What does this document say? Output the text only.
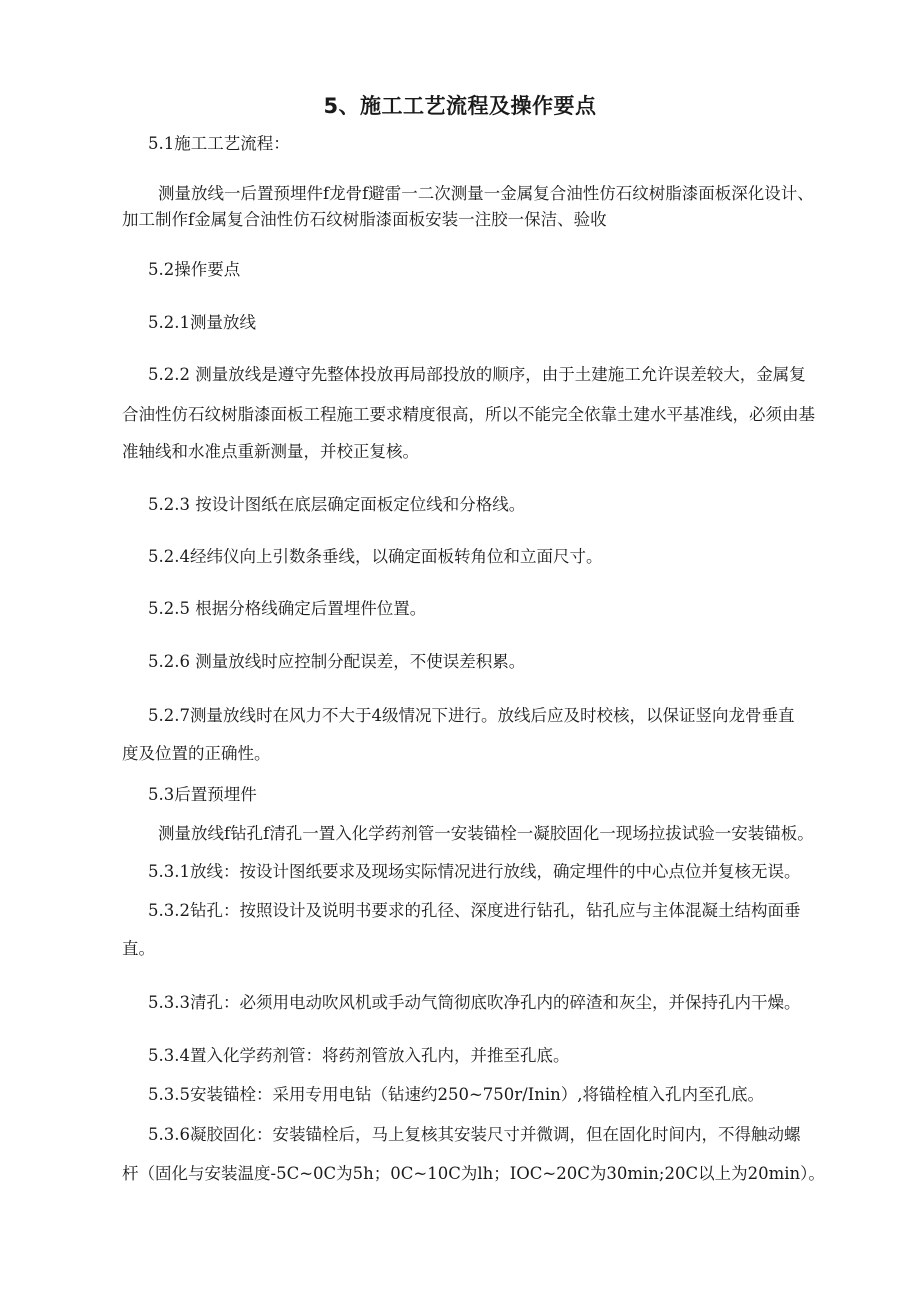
5、施工工艺流程及操作要点
5.1施工工艺流程：
测量放线一后置预埋件f龙骨f避雷一二次测量一金属复合油性仿石纹树脂漆面板深化设计、
加工制作f金属复合油性仿石纹树脂漆面板安装一注胶一保洁、验收
5.2操作要点
5.2.1测量放线
5.2.2 测量放线是遵守先整体投放再局部投放的顺序，由于土建施工允许误差较大，金属复
合油性仿石纹树脂漆面板工程施工要求精度很高，所以不能完全依靠土建水平基准线，必须由基
准轴线和水准点重新测量，并校正复核。
5.2.3 按设计图纸在底层确定面板定位线和分格线。
5.2.4经纬仪向上引数条垂线，以确定面板转角位和立面尺寸。
5.2.5 根据分格线确定后置埋件位置。
5.2.6 测量放线时应控制分配误差，不使误差积累。
5.2.7测量放线时在风力不大于4级情况下进行。放线后应及时校核，以保证竖向龙骨垂直
度及位置的正确性。
5.3后置预埋件
测量放线f钻孔f清孔一置入化学药剂管一安装锚栓一凝胶固化一现场拉拔试验一安装锚板。
5.3.1放线：按设计图纸要求及现场实际情况进行放线，确定埋件的中心点位并复核无误。
5.3.2钻孔：按照设计及说明书要求的孔径、深度进行钻孔，钻孔应与主体混凝土结构面垂
直。
5.3.3清孔：必须用电动吹风机或手动气筒彻底吹净孔内的碎渣和灰尘，并保持孔内干燥。
5.3.4置入化学药剂管：将药剂管放入孔内，并推至孔底。
5.3.5安装锚栓：采用专用电钻（钻速约250~750r/Inin）,将锚栓植入孔内至孔底。
5.3.6凝胶固化：安装锚栓后，马上复核其安装尺寸并微调，但在固化时间内，不得触动螺
杆（固化与安装温度-5C~0C为5h；0C~10C为lh；IOC~20C为30min;20C以上为20min）。
